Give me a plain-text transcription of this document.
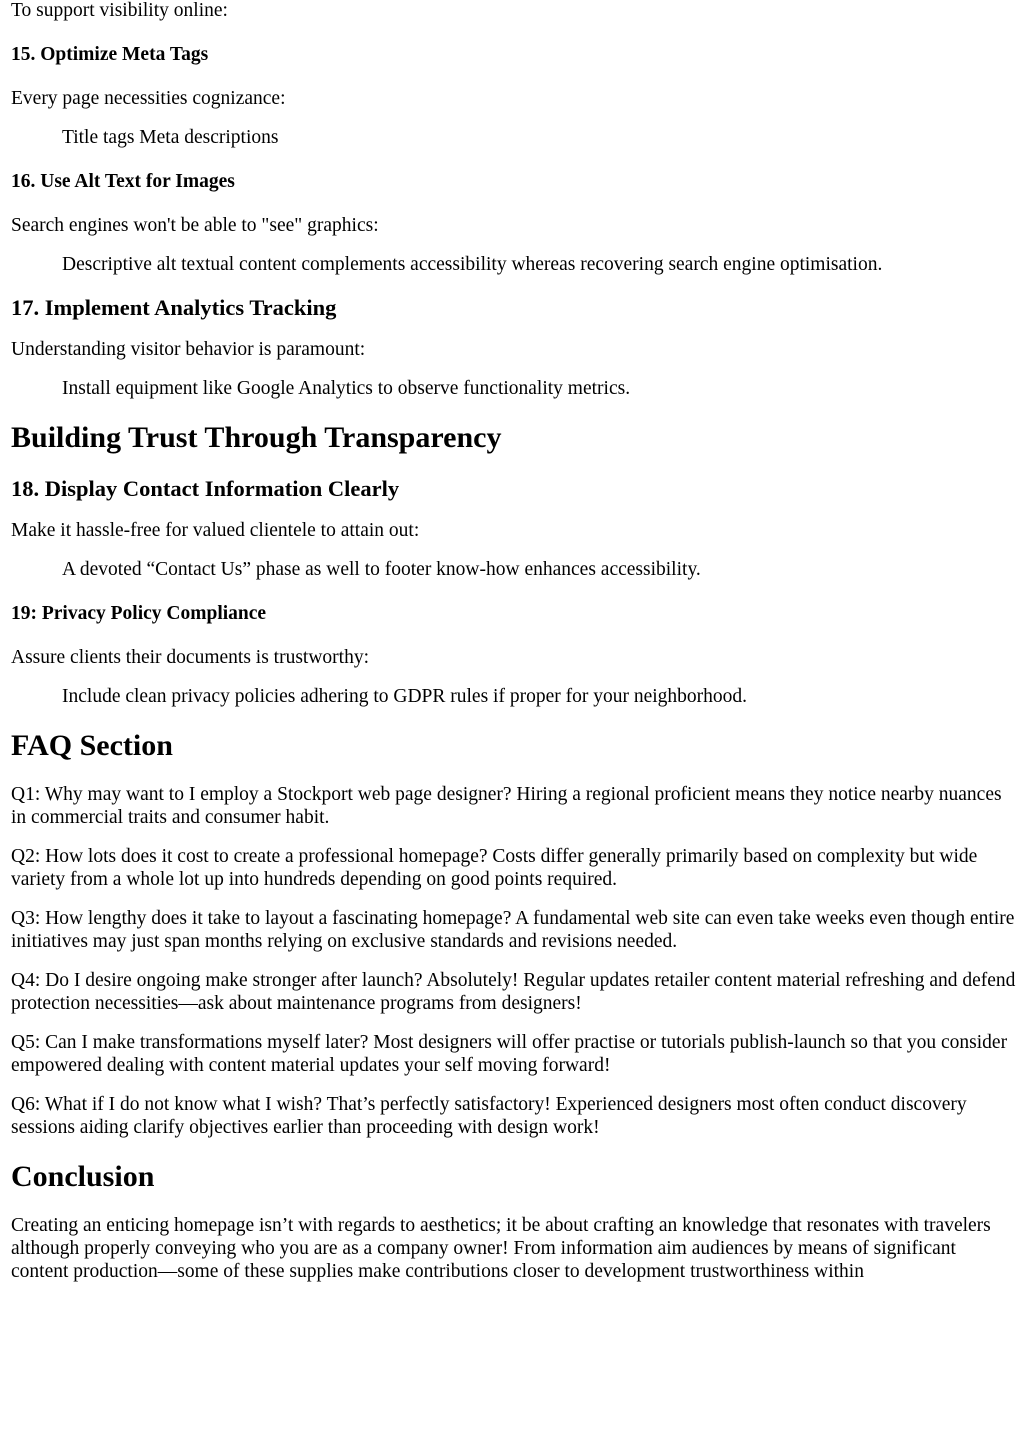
To support visibility online:

15. Optimize Meta Tags

Every page necessities cognizance:

Title tags Meta descriptions
16. Use Alt Text for Images

Search engines won't be able to "see" graphics:

Descriptive alt textual content complements accessibility whereas recovering search engine optimisation.
17. Implement Analytics Tracking

Understanding visitor behavior is paramount:

Install equipment like Google Analytics to observe functionality metrics.
Building Trust Through Transparency
18. Display Contact Information Clearly

Make it hassle-free for valued clientele to attain out:

A devoted “Contact Us” phase as well to footer know-how enhances accessibility.
19: Privacy Policy Compliance

Assure clients their documents is trustworthy:

Include clean privacy policies adhering to GDPR rules if proper for your neighborhood.
FAQ Section

Q1: Why may want to I employ a Stockport web page designer? Hiring a regional proficient means they notice nearby nuances in commercial traits and consumer habit.

Q2: How lots does it cost to create a professional homepage? Costs differ generally primarily based on complexity but wide variety from a whole lot up into hundreds depending on good points required.

Q3: How lengthy does it take to layout a fascinating homepage? A fundamental web site can even take weeks even though entire initiatives may just span months relying on exclusive standards and revisions needed.

Q4: Do I desire ongoing make stronger after launch? Absolutely! Regular updates retailer content material refreshing and defend protection necessities—ask about maintenance programs from designers!

Q5: Can I make transformations myself later? Most designers will offer practise or tutorials publish-launch so that you consider empowered dealing with content material updates your self moving forward!

Q6: What if I do not know what I wish? That’s perfectly satisfactory! Experienced designers most often conduct discovery sessions aiding clarify objectives earlier than proceeding with design work!

Conclusion

Creating an enticing homepage isn’t with regards to aesthetics; it be about crafting an knowledge that resonates with travelers although properly conveying who you are as a company owner! From information aim audiences by means of significant content production—some of these supplies make contributions closer to development trustworthiness within
